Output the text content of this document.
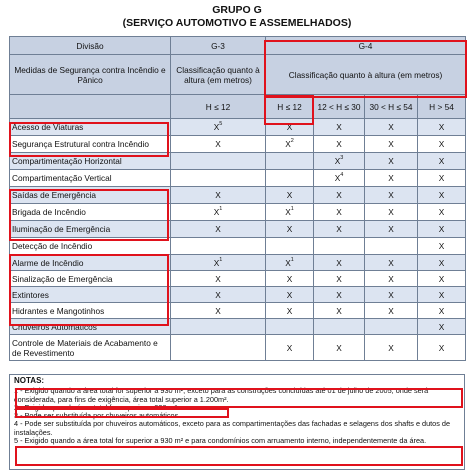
GRUPO G
(SERVIÇO AUTOMOTIVO E ASSEMELHADOS)
Divisão	G-3	G-4			
Medidas de Segurança contra Incêndio e Pânico	Classificação quanto à altura (em metros)	Classificação quanto à altura (em metros)			
	H ≤ 12	H ≤ 12	12 < H ≤ 30	30 < H ≤ 54	H > 54
Acesso de Viaturas	$X^5$	X	X	X	X
Segurança Estrutural contra Incêndio	X	$X^2$	X	X	X
Compartimentação Horizontal			$X^3$	X	X
Compartimentação Vertical			$X^4$	X	X
Saídas de Emergência	X	X	X	X	X
Brigada de Incêndio	$X^1$	$X^1$	X	X	X
Iluminação de Emergência	X	X	X	X	X
Detecção de Incêndio					X
Alarme de Incêndio	$X^1$	$X^1$	X	X	X
Sinalização de Emergência	X	X	X	X	X
Extintores	X	X	X	X	X
Hidrantes e Mangotinhos	X	X	X	X	X
Chuveiros Automáticos					X
Controle de Materiais de Acabamento e de Revestimento		X	X	X	X
NOTAS:
1 - Exigido quando a área total for superior a 930 m², exceto para as construções concluídas até 01 de julho de 2005, onde será considerada, para fins de exigência, área total superior a 1.200m².
2 - Exigido quando área total for superior a 930 m².
3 - Pode ser substituída por chuveiros automáticos.
4 - Pode ser substituída por chuveiros automáticos, exceto para as compartimentações das fachadas e selagens dos shafts e dutos de instalações.
5 - Exigido quando a área total for superior a 930 m² e para condomínios com arruamento interno, independentemente da área.
